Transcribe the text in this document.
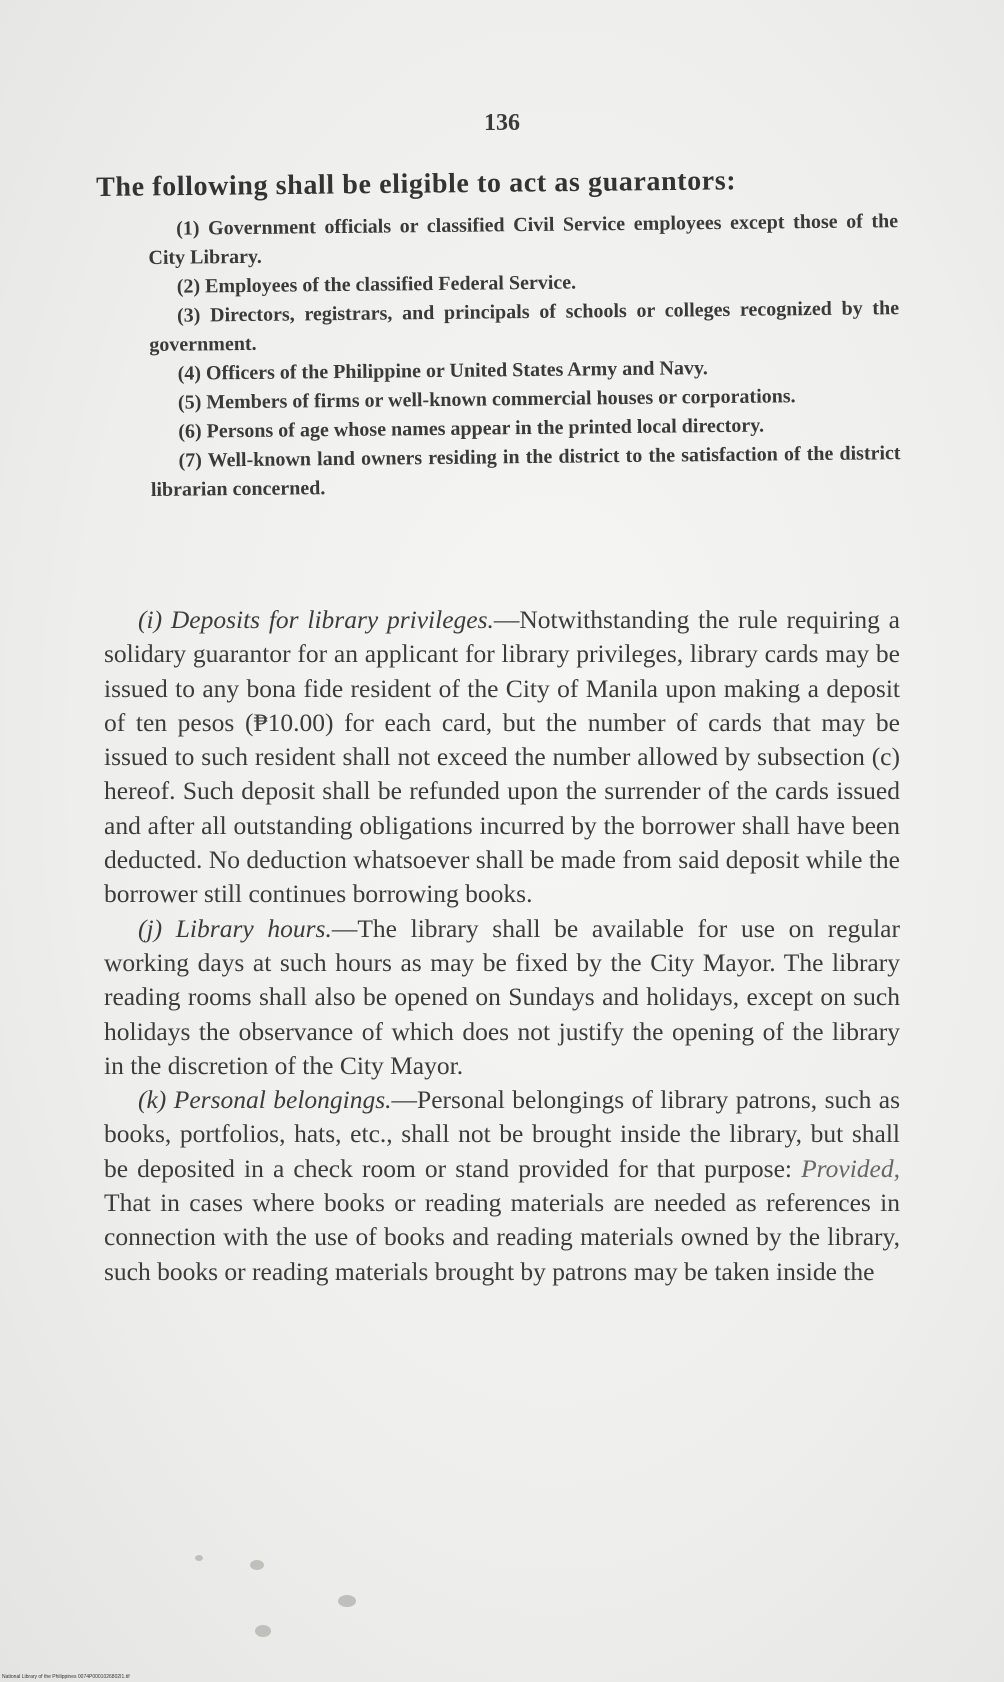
136
The following shall be eligible to act as guarantors:

(1) Government officials or classified Civil Service employees except those of the City Library.

(2) Employees of the classified Federal Service.

(3) Directors, registrars, and principals of schools or colleges recognized by the government.

(4) Officers of the Philippine or United States Army and Navy.

(5) Members of firms or well-known commercial houses or corporations.

(6) Persons of age whose names appear in the printed local directory.

(7) Well-known land owners residing in the district to the satisfaction of the district librarian concerned.

(i) Deposits for library privileges.—Notwithstanding the rule requiring a solidary guarantor for an applicant for library privileges, library cards may be issued to any bona fide resident of the City of Manila upon making a deposit of ten pesos (₱10.00) for each card, but the number of cards that may be issued to such resident shall not exceed the number allowed by subsection (c) hereof. Such deposit shall be refunded upon the surrender of the cards issued and after all outstanding obligations incurred by the borrower shall have been deducted. No deduction whatsoever shall be made from said deposit while the borrower still continues borrowing books.

(j) Library hours.—The library shall be available for use on regular working days at such hours as may be fixed by the City Mayor. The library reading rooms shall also be opened on Sundays and holidays, except on such holidays the observance of which does not justify the opening of the library in the discretion of the City Mayor.

(k) Personal belongings.—Personal belongings of library patrons, such as books, portfolios, hats, etc., shall not be brought inside the library, but shall be deposited in a check room or stand provided for that purpose: Provided, That in cases where books or reading materials are needed as references in connection with the use of books and reading materials owned by the library, such books or reading materials brought by patrons may be taken inside the

National Library of the Philippines 0074P0001026802I1.tif
